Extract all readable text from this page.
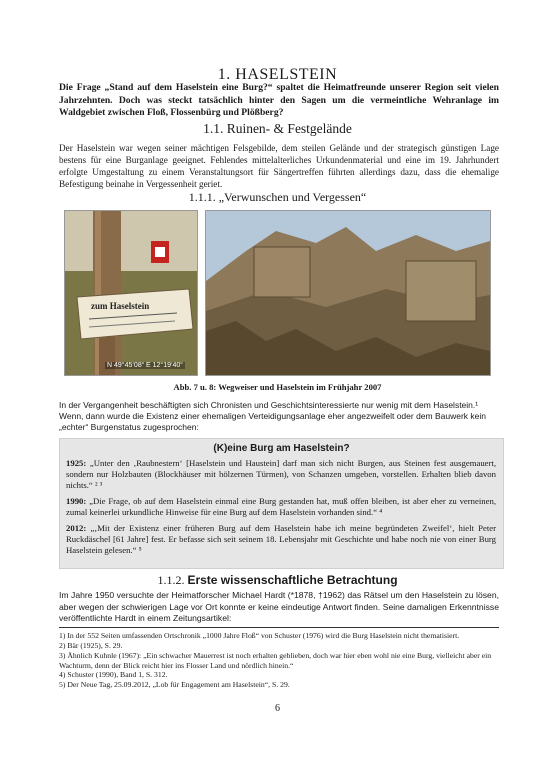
1. HASELSTEIN
Die Frage „Stand auf dem Haselstein eine Burg?“ spaltet die Heimatfreunde unserer Region seit vielen Jahrzehnten. Doch was steckt tatsächlich hinter den Sagen um die vermeintliche Wehranlage im Waldgebiet zwischen Floß, Flossenbürg und Plößberg?
1.1. Ruinen- & Festgelände
Der Haselstein war wegen seiner mächtigen Felsgebilde, dem steilen Gelände und der strategisch günstigen Lage bestens für eine Burganlage geeignet. Fehlendes mittelalterliches Urkundenmaterial und eine im 19. Jahrhundert erfolgte Umgestaltung zu einem Veranstaltungsort für Sängertreffen führten allerdings dazu, dass die ehemalige Befestigung beinahe in Vergessenheit geriet.
1.1.1. „Verwunschen und Vergessen“
zum Haselstein
N 49°45‘08“ E 12°19‘40“
Abb. 7 u. 8: Wegweiser und Haselstein im Frühjahr 2007
In der Vergangenheit beschäftigten sich Chronisten und Geschichtsinteressierte nur wenig mit dem Haselstein.¹ Wenn, dann wurde die Existenz einer ehemaligen Verteidigungsanlage eher angezweifelt oder dem Bauwerk kein „echter“ Burgenstatus zugesprochen:
(K)eine Burg am Haselstein?
1925: „Unter den ‚Raubnestern‘ [Haselstein und Haustein] darf man sich nicht Burgen, aus Steinen fest ausgemauert, sondern nur Holzbauten (Blockhäuser mit hölzernen Türmen), von Schanzen umgeben, vorstellen. Erhalten blieb davon nichts.“ ² ³
1990: „Die Frage, ob auf dem Haselstein einmal eine Burg gestanden hat, muß offen bleiben, ist aber eher zu verneinen, zumal keinerlei urkundliche Hinweise für eine Burg auf dem Haselstein vorhanden sind.“ ⁴
2012: „‚Mit der Existenz einer früheren Burg auf dem Haselstein habe ich meine begründeten Zweifel‘, hielt Peter Ruckdäschel [61 Jahre] fest. Er befasse sich seit seinem 18. Lebensjahr mit Geschichte und habe noch nie von einer Burg Haselstein gelesen.“ ⁵
1.1.2. Erste wissenschaftliche Betrachtung
Im Jahre 1950 versuchte der Heimatforscher Michael Hardt (*1878, †1962) das Rätsel um den Haselstein zu lösen, aber wegen der schwierigen Lage vor Ort konnte er keine eindeutige Antwort finden. Seine damaligen Erkenntnisse veröffentlichte Hardt in einem Zeitungsartikel:
1) In der 552 Seiten umfassenden Ortschronik „1000 Jahre Floß“ von Schuster (1976) wird die Burg Haselstein nicht thematisiert.
2) Bär (1925), S. 29.
3) Ähnlich Kuhnle (1967): „Ein schwacher Mauerrest ist noch erhalten geblieben, doch war hier eben wohl nie eine Burg, vielleicht aber ein Wachturm, denn der Blick reicht hier ins Flosser Land und nördlich hinein.“
4) Schuster (1990), Band 1, S. 312.
5) Der Neue Tag, 25.09.2012, „Lob für Engagement am Haselstein“, S. 29.
6
